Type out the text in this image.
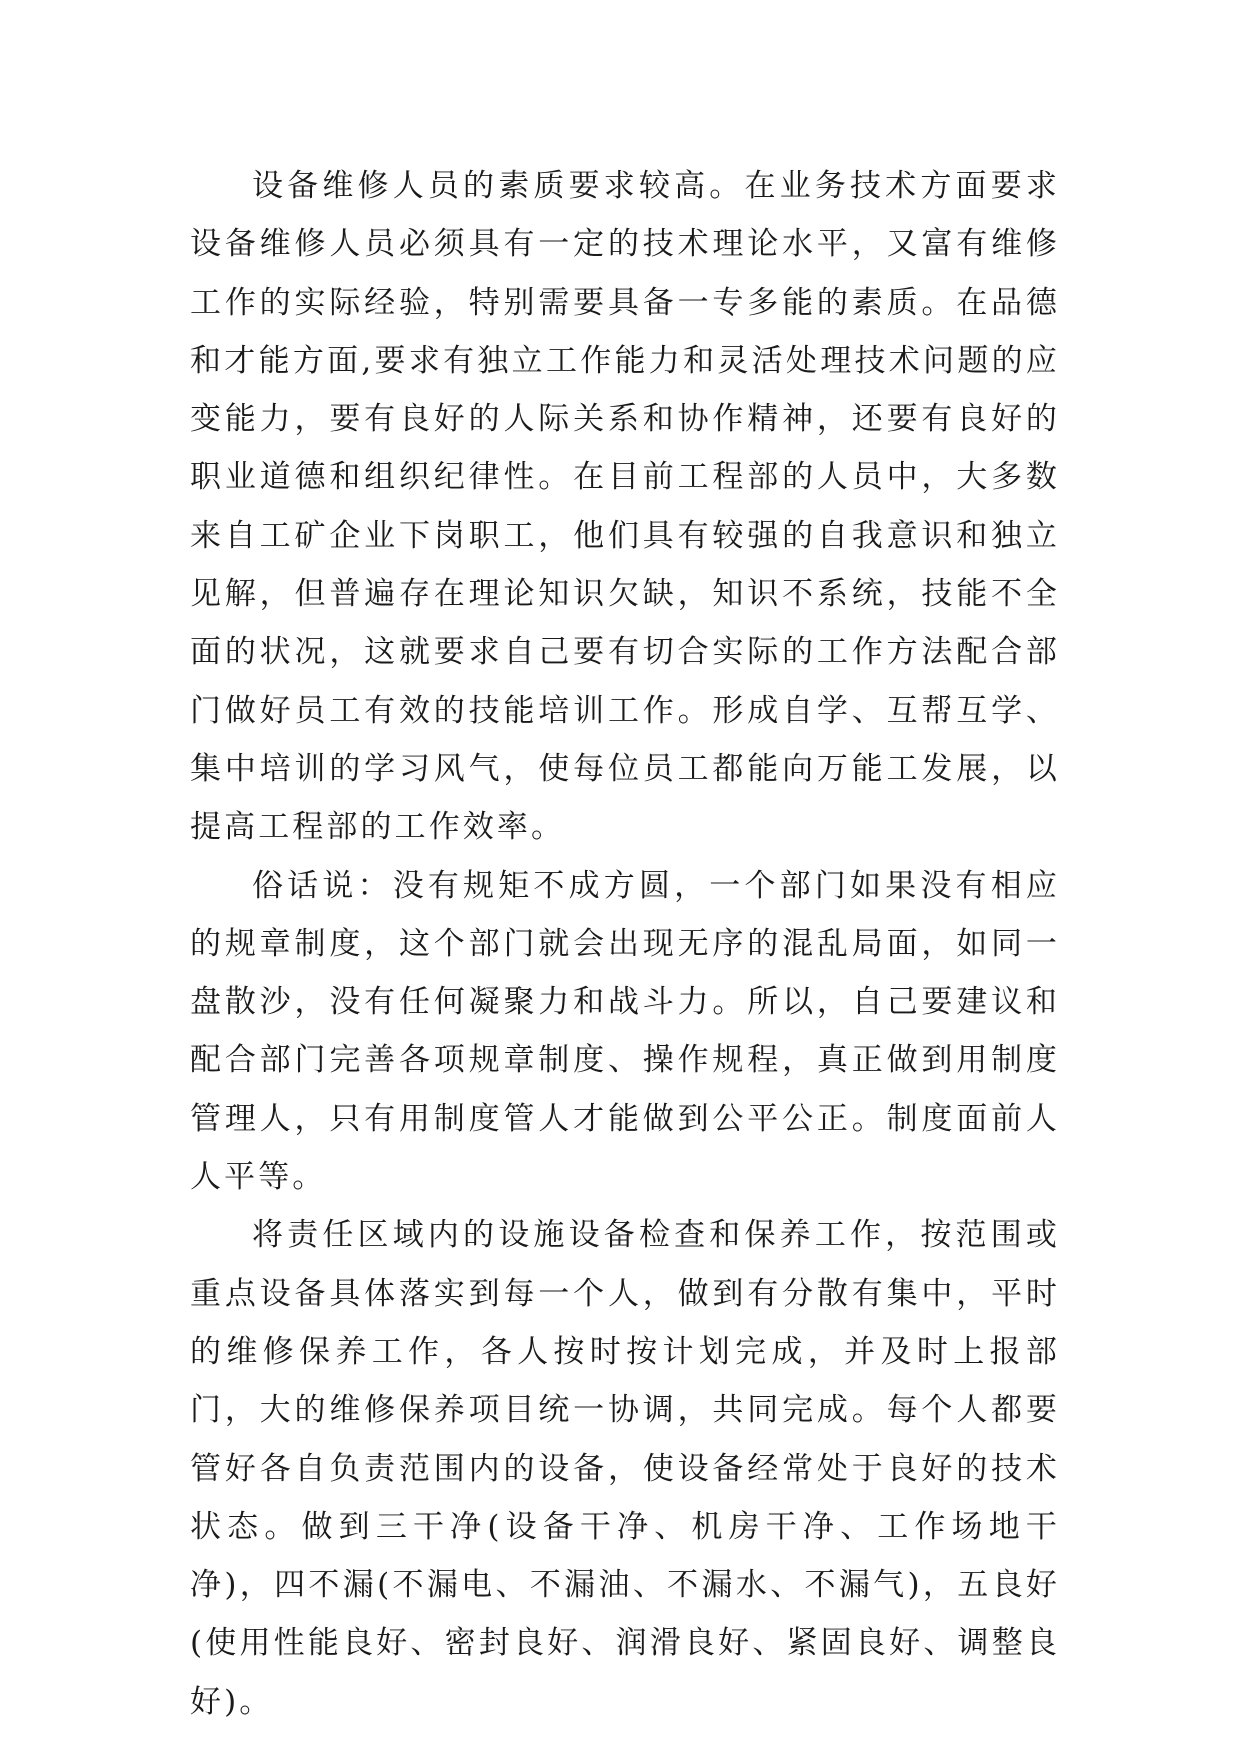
设备维修人员的素质要求较高。在业务技术方面要求设备维修人员必须具有一定的技术理论水平，又富有维修工作的实际经验，特别需要具备一专多能的素质。在品德和才能方面,要求有独立工作能力和灵活处理技术问题的应变能力，要有良好的人际关系和协作精神，还要有良好的职业道德和组织纪律性。在目前工程部的人员中，大多数来自工矿企业下岗职工，他们具有较强的自我意识和独立见解，但普遍存在理论知识欠缺，知识不系统，技能不全面的状况，这就要求自己要有切合实际的工作方法配合部门做好员工有效的技能培训工作。形成自学、互帮互学、集中培训的学习风气，使每位员工都能向万能工发展，以提高工程部的工作效率。

俗话说：没有规矩不成方圆，一个部门如果没有相应的规章制度，这个部门就会出现无序的混乱局面，如同一盘散沙，没有任何凝聚力和战斗力。所以，自己要建议和配合部门完善各项规章制度、操作规程，真正做到用制度管理人，只有用制度管人才能做到公平公正。制度面前人人平等。

将责任区域内的设施设备检查和保养工作，按范围或重点设备具体落实到每一个人，做到有分散有集中，平时的维修保养工作，各人按时按计划完成，并及时上报部门，大的维修保养项目统一协调，共同完成。每个人都要管好各自负责范围内的设备，使设备经常处于良好的技术状态。做到三干净(设备干净、机房干净、工作场地干净)，四不漏(不漏电、不漏油、不漏水、不漏气)，五良好(使用性能良好、密封良好、润滑良好、紧固良好、调整良好)。
